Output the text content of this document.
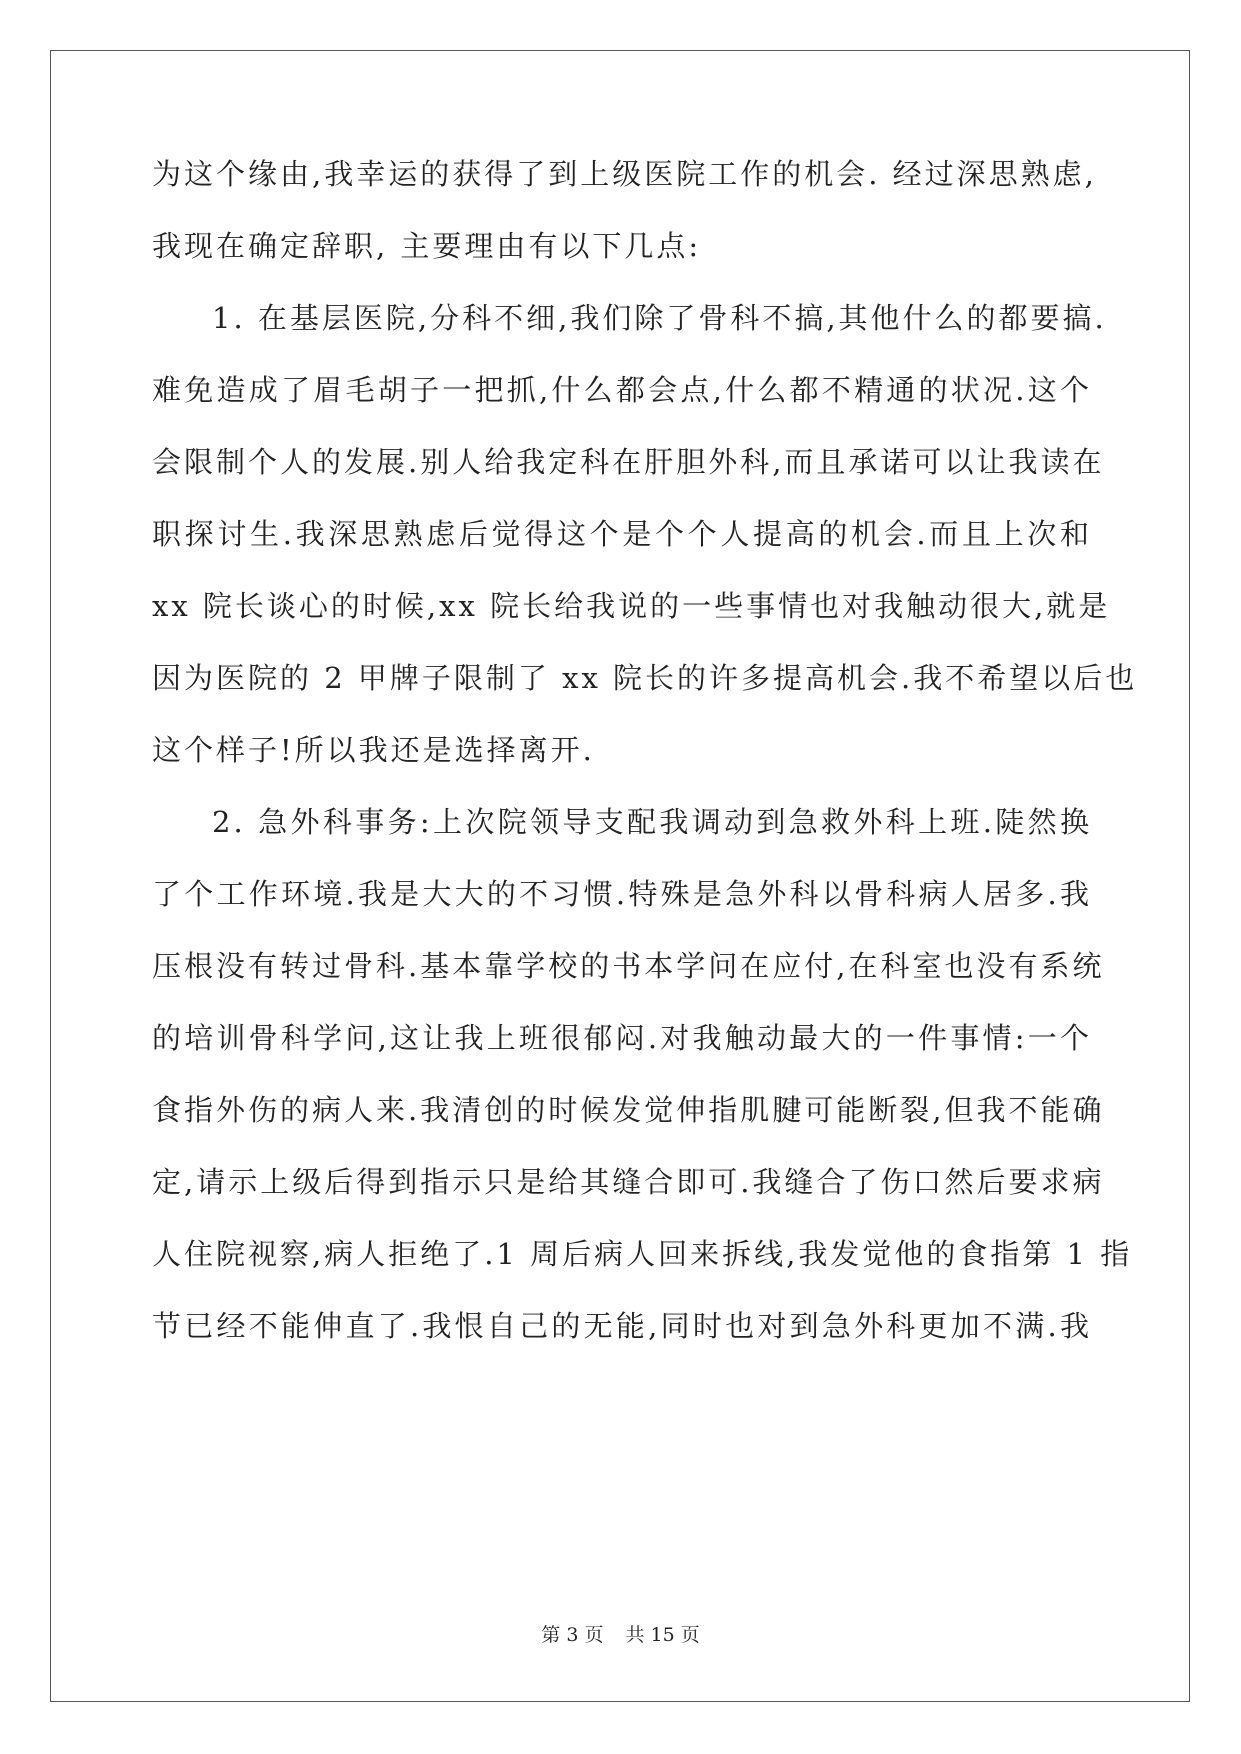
为这个缘由,我幸运的获得了到上级医院工作的机会. 经过深思熟虑,
我现在确定辞职, 主要理由有以下几点:
1. 在基层医院,分科不细,我们除了骨科不搞,其他什么的都要搞.
难免造成了眉毛胡子一把抓,什么都会点,什么都不精通的状况.这个
会限制个人的发展.别人给我定科在肝胆外科,而且承诺可以让我读在
职探讨生.我深思熟虑后觉得这个是个个人提高的机会.而且上次和
xx 院长谈心的时候,xx 院长给我说的一些事情也对我触动很大,就是
因为医院的 2 甲牌子限制了 xx 院长的许多提高机会.我不希望以后也
这个样子!所以我还是选择离开.
2. 急外科事务:上次院领导支配我调动到急救外科上班.陡然换
了个工作环境.我是大大的不习惯.特殊是急外科以骨科病人居多.我
压根没有转过骨科.基本靠学校的书本学问在应付,在科室也没有系统
的培训骨科学问,这让我上班很郁闷.对我触动最大的一件事情:一个
食指外伤的病人来.我清创的时候发觉伸指肌腱可能断裂,但我不能确
定,请示上级后得到指示只是给其缝合即可.我缝合了伤口然后要求病
人住院视察,病人拒绝了.1 周后病人回来拆线,我发觉他的食指第 1 指
节已经不能伸直了.我恨自己的无能,同时也对到急外科更加不满.我
第 3 页 共 15 页
